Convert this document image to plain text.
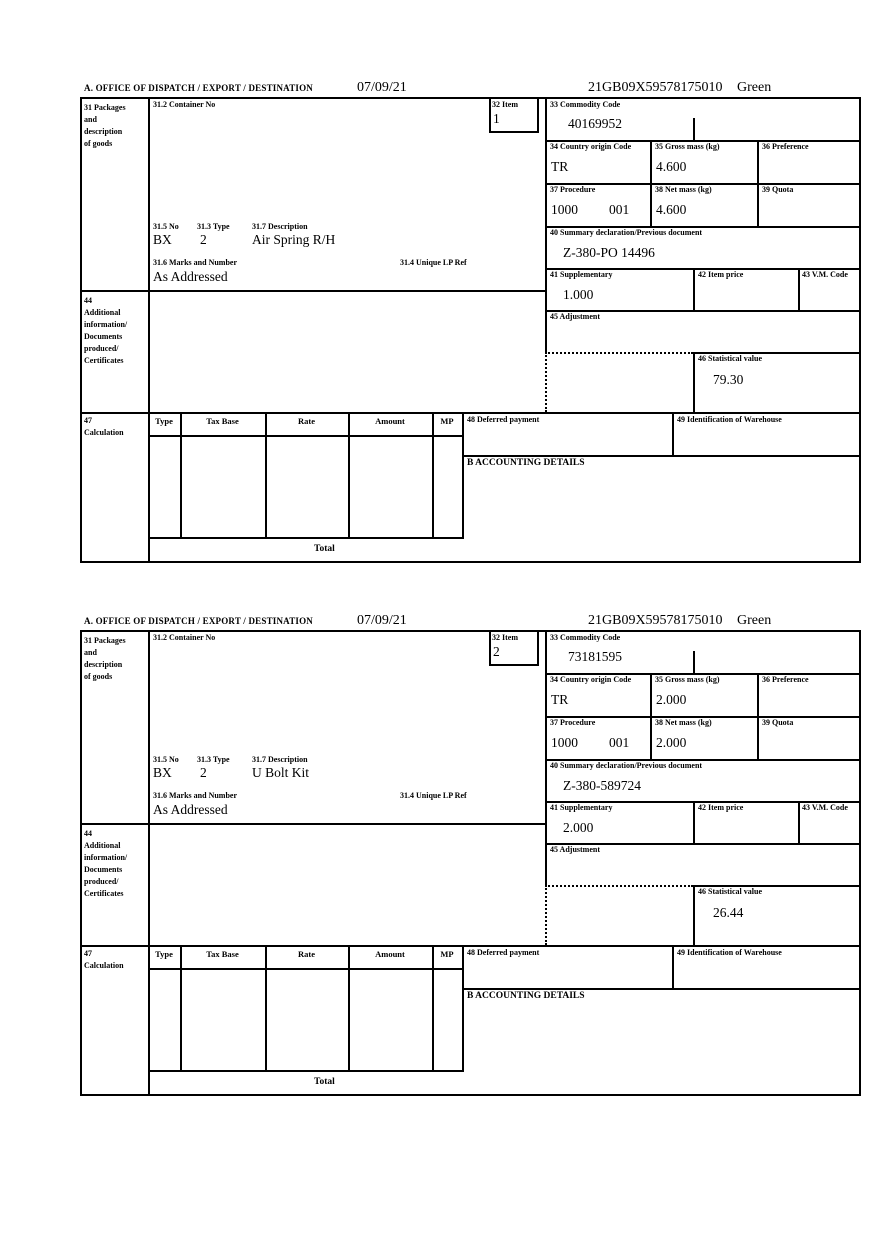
A. OFFICE OF DISPATCH / EXPORT / DESTINATION	07/09/21	21GB09X59578175010 Green
31 Packages
and
description
of goods
44
Additional
information/
Documents
produced/
Certificates
47
Calculation
31.2 Container No
31.5 No 31.3 Type	31.7 Description
BX 2	Air Spring R/H
31.6 Marks and Number	31.4 Unique LP Ref
As Addressed
32 Item
1
33 Commodity Code
40169952
34 Country origin Code
TR
35 Gross mass (kg)
4.600
36 Preference
37 Procedure
1000 001
38 Net mass (kg)
4.600
39 Quota
40 Summary declaration/Previous document
Z-380-PO 14496
41 Supplementary
1.000
42 Item price	43 V.M. Code
45 Adjustment
46 Statistical value
79.30
Type	Tax Base	Rate	Amount	MP
Total
48 Deferred payment	49 Identification of Warehouse
B ACCOUNTING DETAILS
A. OFFICE OF DISPATCH / EXPORT / DESTINATION	07/09/21	21GB09X59578175010 Green
31 Packages
and
description
of goods
44
Additional
information/
Documents
produced/
Certificates
47
Calculation
31.2 Container No
31.5 No 31.3 Type	31.7 Description
BX 2	U Bolt Kit
31.6 Marks and Number	31.4 Unique LP Ref
As Addressed
32 Item
2
33 Commodity Code
73181595
34 Country origin Code
TR
35 Gross mass (kg)
2.000
36 Preference
37 Procedure
1000 001
38 Net mass (kg)
2.000
39 Quota
40 Summary declaration/Previous document
Z-380-589724
41 Supplementary
2.000
42 Item price	43 V.M. Code
45 Adjustment
46 Statistical value
26.44
Type	Tax Base	Rate	Amount	MP
Total
48 Deferred payment	49 Identification of Warehouse
B ACCOUNTING DETAILS
